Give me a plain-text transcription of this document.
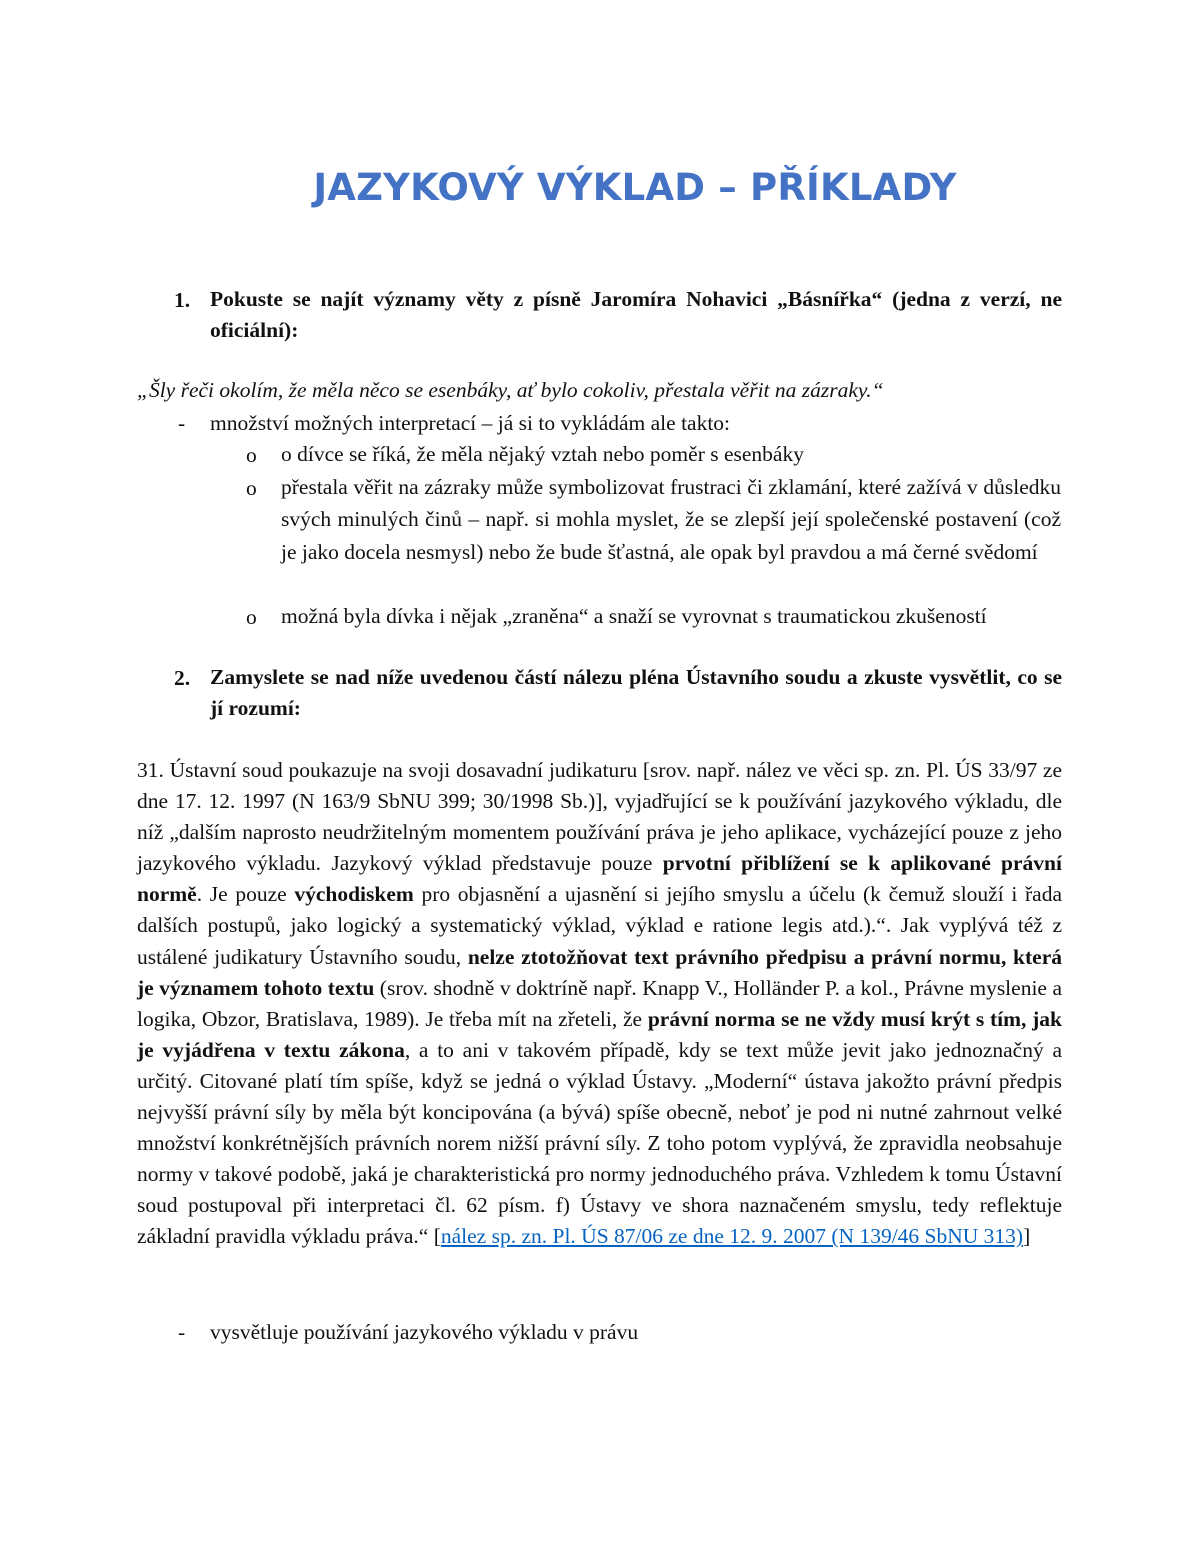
JAZYKOVÝ VÝKLAD – PŘÍKLADY
1. Pokuste se najít významy věty z písně Jaromíra Nohavici „Básnířka“ (jedna z verzí, ne oficiální):
„Šly řeči okolím, že měla něco se esenbáky, ať bylo cokoliv, přestala věřit na zázraky.“
- množství možných interpretací – já si to vykládám ale takto:
o o dívce se říká, že měla nějaký vztah nebo poměr s esenbáky
o přestala věřit na zázraky může symbolizovat frustraci či zklamání, které zažívá v důsledku svých minulých činů – např. si mohla myslet, že se zlepší její společenské postavení (což je jako docela nesmysl) nebo že bude šťastná, ale opak byl pravdou a má černé svědomí
o možná byla dívka i nějak „zraněna“ a snaží se vyrovnat s traumatickou zkušeností
2. Zamyslete se nad níže uvedenou částí nálezu pléna Ústavního soudu a zkuste vysvětlit, co se jí rozumí:
31. Ústavní soud poukazuje na svoji dosavadní judikaturu [srov. např. nález ve věci sp. zn. Pl. ÚS 33/97 ze dne 17. 12. 1997 (N 163/9 SbNU 399; 30/1998 Sb.)], vyjadřující se k používání jazykového výkladu, dle níž „dalším naprosto neudržitelným momentem používání práva je jeho aplikace, vycházející pouze z jeho jazykového výkladu. Jazykový výklad představuje pouze prvotní přiblížení se k aplikované právní normě. Je pouze východiskem pro objasnění a ujasnění si jejího smyslu a účelu (k čemuž slouží i řada dalších postupů, jako logický a systematický výklad, výklad e ratione legis atd.).“. Jak vyplývá též z ustálené judikatury Ústavního soudu, nelze ztotožňovat text právního předpisu a právní normu, která je významem tohoto textu (srov. shodně v doktríně např. Knapp V., Holländer P. a kol., Právne myslenie a logika, Obzor, Bratislava, 1989). Je třeba mít na zřeteli, že právní norma se ne vždy musí krýt s tím, jak je vyjádřena v textu zákona, a to ani v takovém případě, kdy se text může jevit jako jednoznačný a určitý. Citované platí tím spíše, když se jedná o výklad Ústavy. „Moderní“ ústava jakožto právní předpis nejvyšší právní síly by měla být koncipována (a bývá) spíše obecně, neboť je pod ni nutné zahrnout velké množství konkrétnějších právních norem nižší právní síly. Z toho potom vyplývá, že zpravidla neobsahuje normy v takové podobě, jaká je charakteristická pro normy jednoduchého práva. Vzhledem k tomu Ústavní soud postupoval při interpretaci čl. 62 písm. f) Ústavy ve shora naznačeném smyslu, tedy reflektuje základní pravidla výkladu práva.“ [nález sp. zn. Pl. ÚS 87/06 ze dne 12. 9. 2007 (N 139/46 SbNU 313)]
- vysvětluje používání jazykového výkladu v právu
